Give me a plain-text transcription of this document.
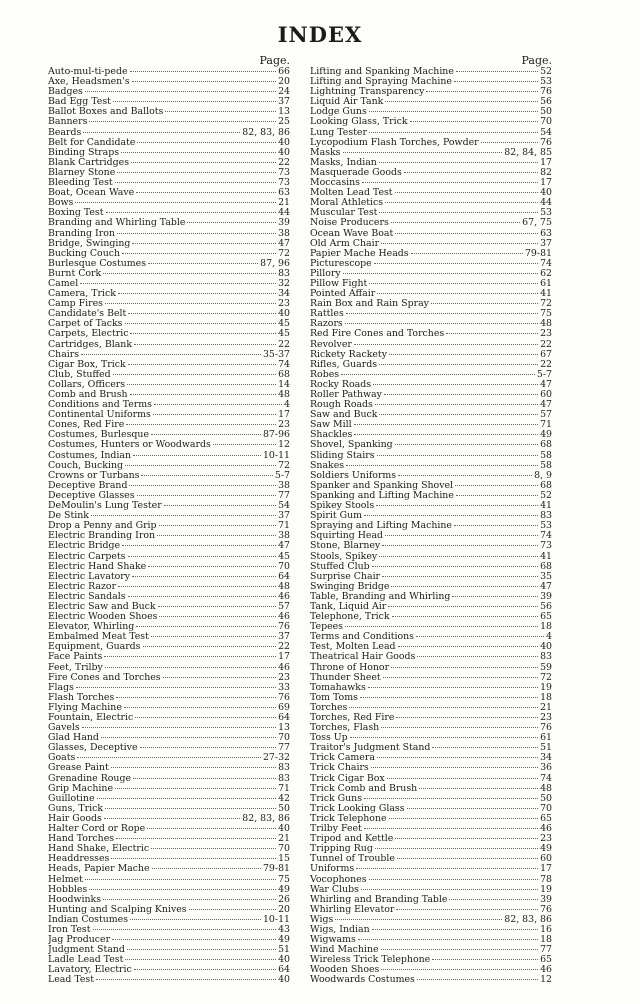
INDEX
Page.
Auto-mul-ti-pede	66
Axe, Headsmen's	20
Badges	24
Bad Egg Test	37
Ballot Boxes and Ballots	13
Banners	25
Beards	82, 83, 86
Belt for Candidate	40
Binding Straps	40
Blank Cartridges	22
Blarney Stone	73
Bleeding Test	73
Boat, Ocean Wave	63
Bows	21
Boxing Test	44
Branding and Whirling Table	39
Branding Iron	38
Bridge, Swinging	47
Bucking Couch	72
Burlesque Costumes	87, 96
Burnt Cork	83
Camel	32
Camera, Trick	34
Camp Fires	23
Candidate's Belt	40
Carpet of Tacks	45
Carpets, Electric	45
Cartridges, Blank	22
Chairs	35-37
Cigar Box, Trick	74
Club, Stuffed	68
Collars, Officers	14
Comb and Brush	48
Conditions and Terms	4
Continental Uniforms	17
Cones, Red Fire	23
Costumes, Burlesque	87-96
Costumes, Hunters or Woodwards	12
Costumes, Indian	10-11
Couch, Bucking	72
Crowns or Turbans	5-7
Deceptive Brand	38
Deceptive Glasses	77
DeMoulin's Lung Tester	54
De Stink	37
Drop a Penny and Grip	71
Electric Branding Iron	38
Electric Bridge	47
Electric Carpets	45
Electric Hand Shake	70
Electric Lavatory	64
Electric Razor	48
Electric Sandals	46
Electric Saw and Buck	57
Electric Wooden Shoes	46
Elevator, Whirling	76
Embalmed Meat Test	37
Equipment, Guards	22
Face Paints	17
Feet, Trilby	46
Fire Cones and Torches	23
Flags	33
Flash Torches	76
Flying Machine	69
Fountain, Electric	64
Gavels	13
Glad Hand	70
Glasses, Deceptive	77
Goats	27-32
Grease Paint	83
Grenadine Rouge	83
Grip Machine	71
Guillotine	42
Guns, Trick	50
Hair Goods	82, 83, 86
Halter Cord or Rope	40
Hand Torches	21
Hand Shake, Electric	70
Headdresses	15
Heads, Papier Mache	79-81
Helmet	75
Hobbles	49
Hoodwinks	26
Hunting and Scalping Knives	20
Indian Costumes	10-11
Iron Test	43
Jag Producer	49
Judgment Stand	51
Ladle Lead Test	40
Lavatory, Electric	64
Lead Test	40
Page.
Lifting and Spanking Machine	52
Lifting and Spraying Machine	53
Lightning Transparency	76
Liquid Air Tank	56
Lodge Guns	50
Looking Glass, Trick	70
Lung Tester	54
Lycopodium Flash Torches, Powder	76
Masks	82, 84, 85
Masks, Indian	17
Masquerade Goods	82
Moccasins	17
Molten Lead Test	40
Moral Athletics	44
Muscular Test	53
Noise Producers	67, 75
Ocean Wave Boat	63
Old Arm Chair	37
Papier Mache Heads	79-81
Picturescope	74
Pillory	62
Pillow Fight	61
Pointed Affair	41
Rain Box and Rain Spray	72
Rattles	75
Razors	48
Red Fire Cones and Torches	23
Revolver	22
Rickety Rackety	67
Rifles, Guards	22
Robes	5-7
Rocky Roads	47
Roller Pathway	60
Rough Roads	47
Saw and Buck	57
Saw Mill	71
Shackles	49
Shovel, Spanking	68
Sliding Stairs	58
Snakes	58
Soldiers Uniforms	8, 9
Spanker and Spanking Shovel	68
Spanking and Lifting Machine	52
Spikey Stools	41
Spirit Gum	83
Spraying and Lifting Machine	53
Squirting Head	74
Stone, Blarney	73
Stools, Spikey	41
Stuffed Club	68
Surprise Chair	35
Swinging Bridge	47
Table, Branding and Whirling	39
Tank, Liquid Air	56
Telephone, Trick	65
Tepees	18
Terms and Conditions	4
Test, Molten Lead	40
Theatrical Hair Goods	83
Throne of Honor	59
Thunder Sheet	72
Tomahawks	19
Tom Toms	18
Torches	21
Torches, Red Fire	23
Torches, Flash	76
Toss Up	61
Traitor's Judgment Stand	51
Trick Camera	34
Trick Chairs	36
Trick Cigar Box	74
Trick Comb and Brush	48
Trick Guns	50
Trick Looking Glass	70
Trick Telephone	65
Trilby Feet	46
Tripod and Kettle	23
Tripping Rug	49
Tunnel of Trouble	60
Uniforms	17
Vocophones	78
War Clubs	19
Whirling and Branding Table	39
Whirling Elevator	76
Wigs	82, 83, 86
Wigs, Indian	16
Wigwams	18
Wind Machine	77
Wireless Trick Telephone	65
Wooden Shoes	46
Woodwards Costumes	12
